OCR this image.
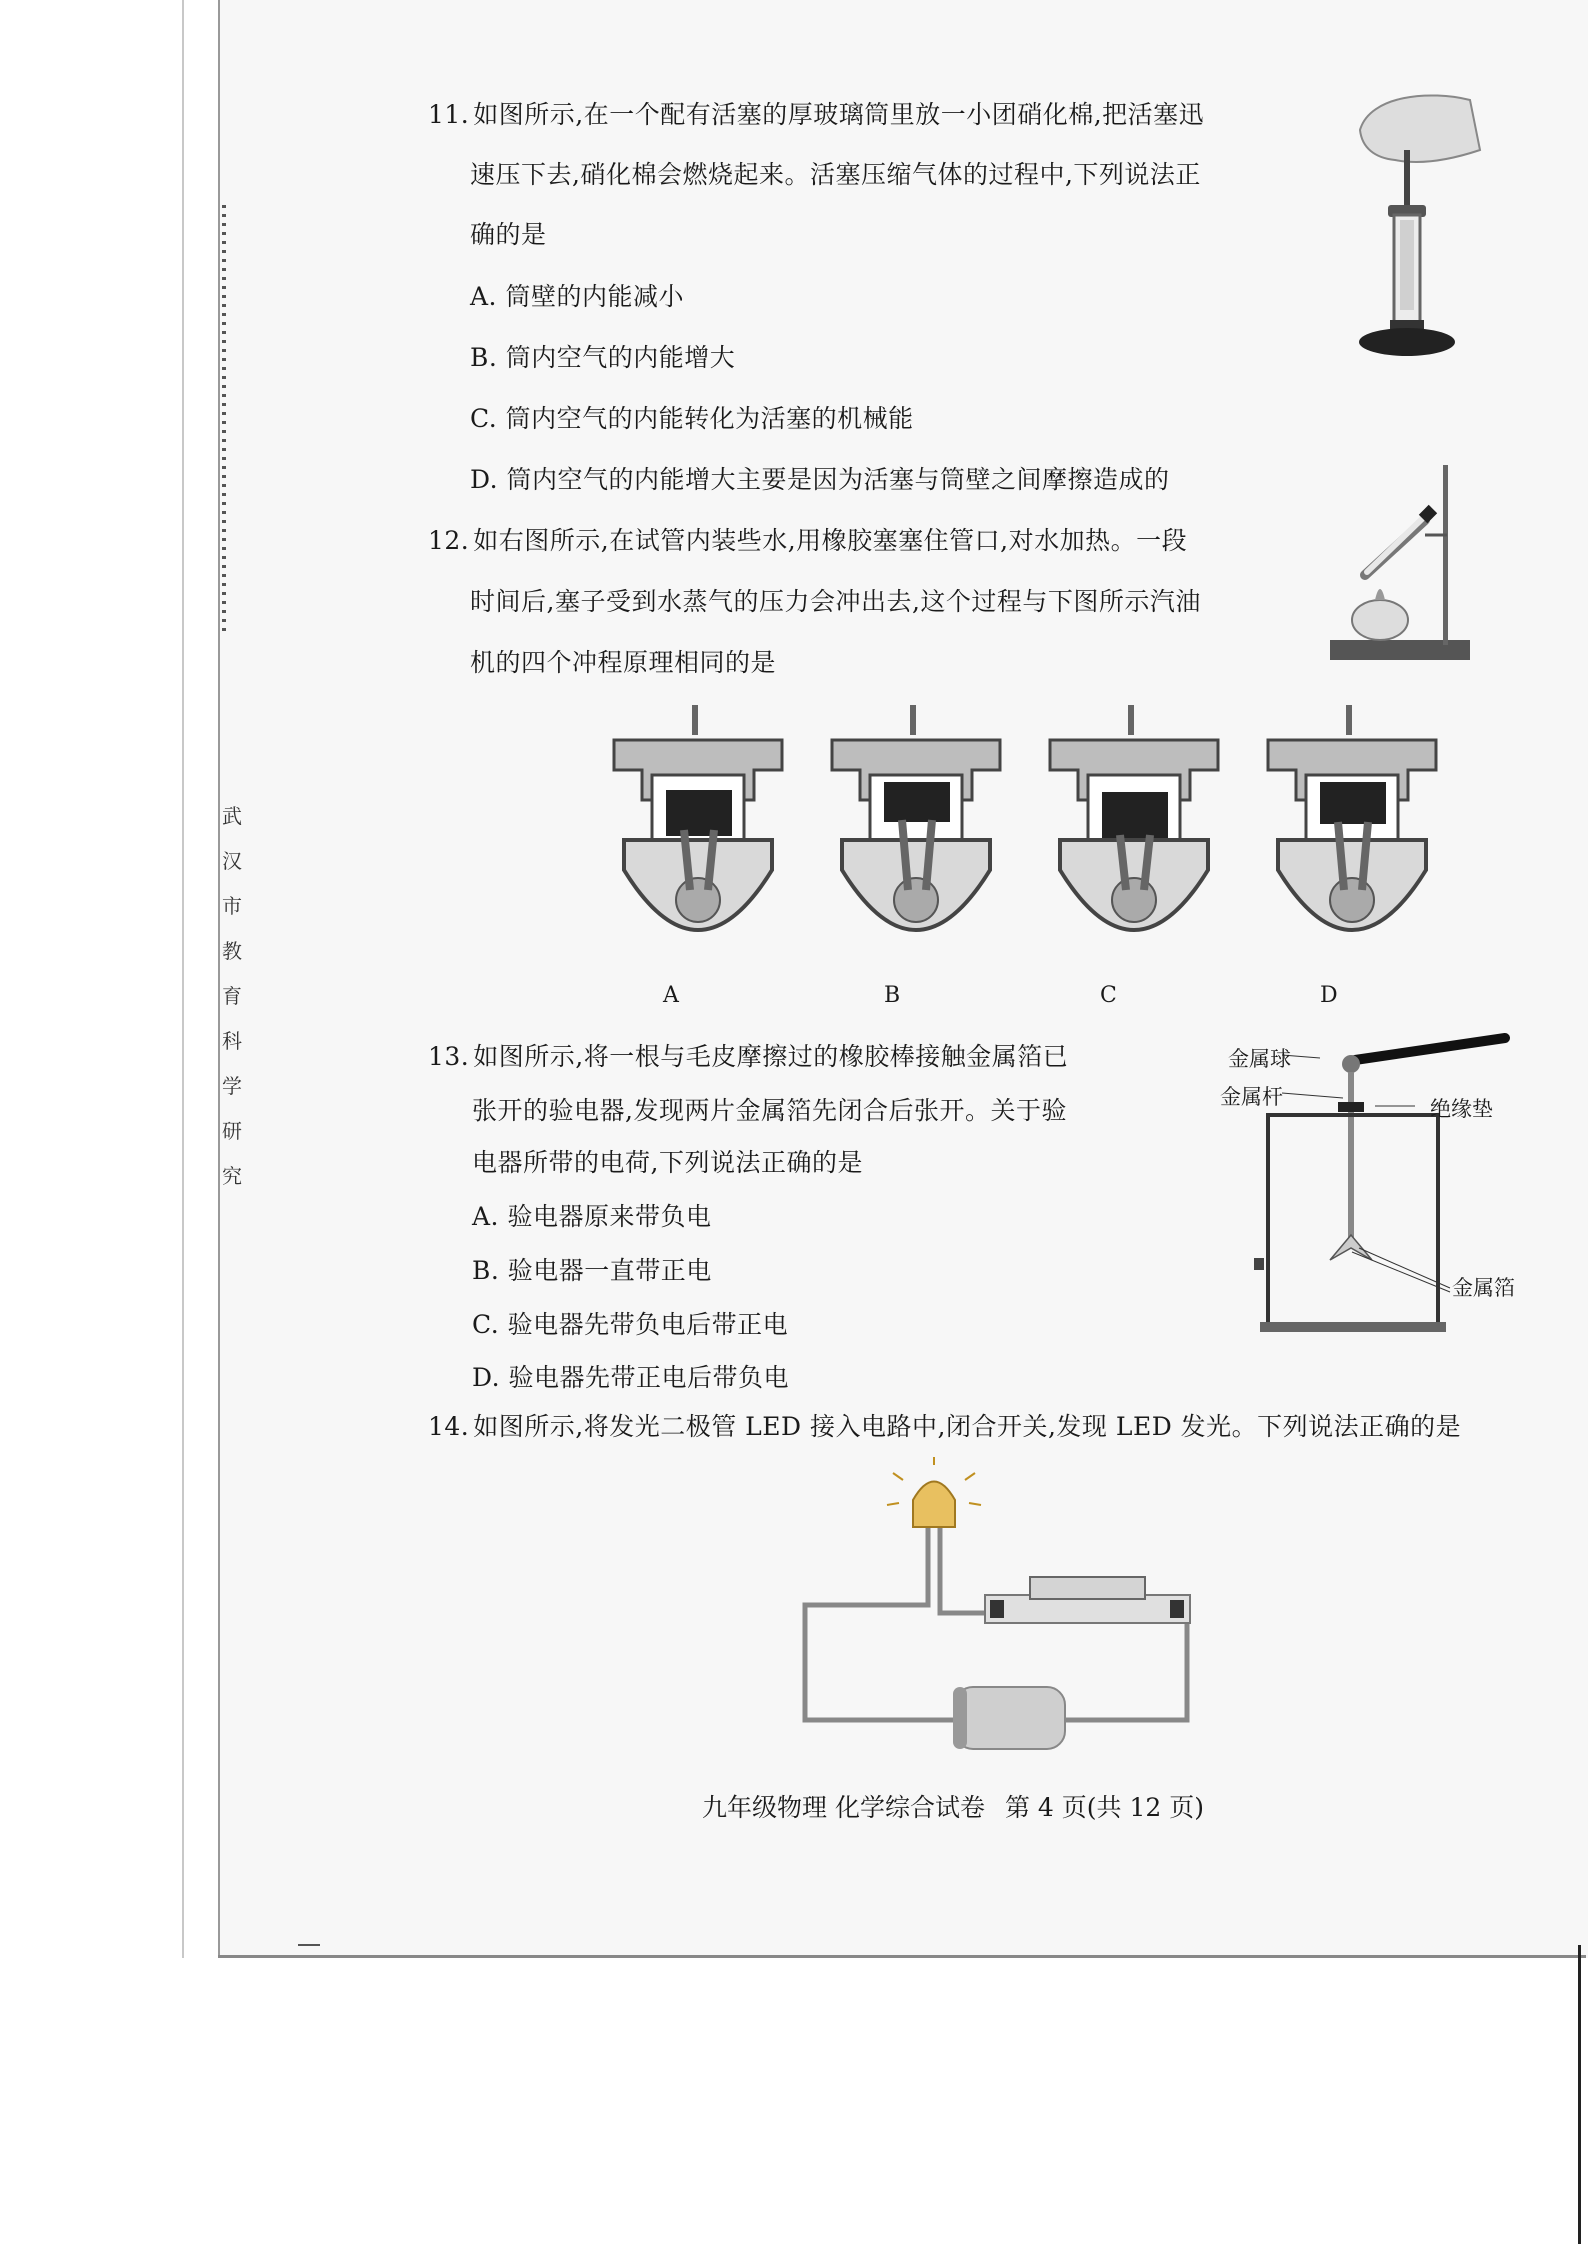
武
汉
市
教
育
科
学
研
究
11. 如图所示,在一个配有活塞的厚玻璃筒里放一小团硝化棉,把活塞迅
速压下去,硝化棉会燃烧起来。活塞压缩气体的过程中,下列说法正
确的是
A. 筒壁的内能减小
B. 筒内空气的内能增大
C. 筒内空气的内能转化为活塞的机械能
D. 筒内空气的内能增大主要是因为活塞与筒壁之间摩擦造成的
12. 如右图所示,在试管内装些水,用橡胶塞塞住管口,对水加热。一段
时间后,塞子受到水蒸气的压力会冲出去,这个过程与下图所示汽油
机的四个冲程原理相同的是
A	B	C	D
13. 如图所示,将一根与毛皮摩擦过的橡胶棒接触金属箔已
张开的验电器,发现两片金属箔先闭合后张开。关于验
电器所带的电荷,下列说法正确的是
A. 验电器原来带负电
B. 验电器一直带正电
C. 验电器先带负电后带正电
D. 验电器先带正电后带负电
金属球
金属杆	绝缘垫
金属箔
14. 如图所示,将发光二极管 LED 接入电路中,闭合开关,发现 LED 发光。下列说法正确的是
九年级物理 化学综合试卷 第 4 页(共 12 页)
